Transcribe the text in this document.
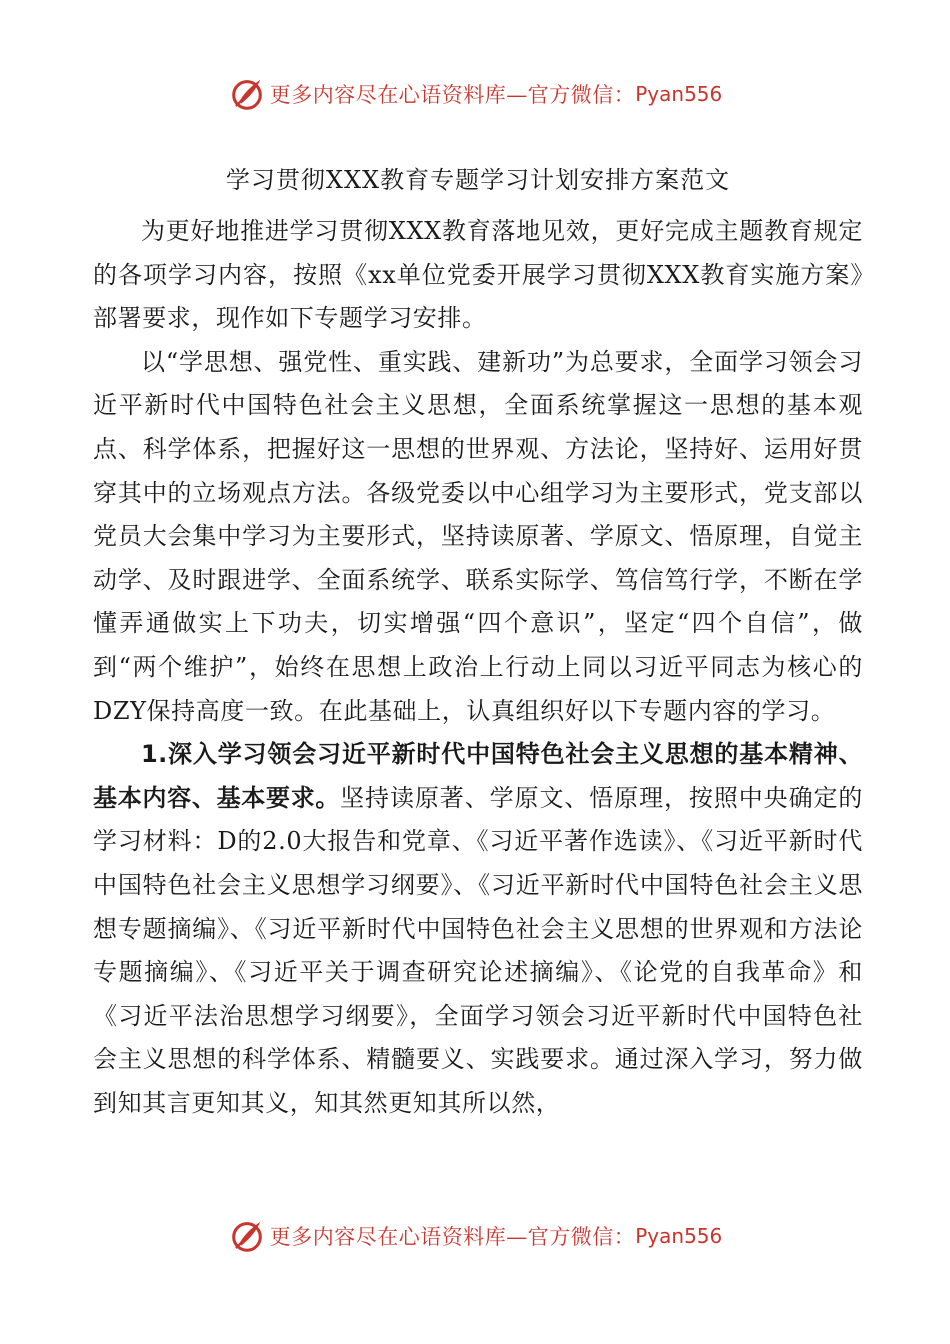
更多内容尽在心语资料库—官方微信： Pyan556
学习贯彻XXX教育专题学习计划安排方案范文

为更好地推进学习贯彻XXX教育落地见效，更好完成主题教育规定的各项学习内容，按照《xx单位党委开展学习贯彻XXX教育实施方案》部署要求，现作如下专题学习安排。

以“学思想、强党性、重实践、建新功”为总要求，全面学习领会习近平新时代中国特色社会主义思想，全面系统掌握这一思想的基本观点、科学体系，把握好这一思想的世界观、方法论，坚持好、运用好贯穿其中的立场观点方法。各级党委以中心组学习为主要形式，党支部以党员大会集中学习为主要形式，坚持读原著、学原文、悟原理，自觉主动学、及时跟进学、全面系统学、联系实际学、笃信笃行学，不断在学懂弄通做实上下功夫，切实增强“四个意识”，坚定“四个自信”，做到“两个维护”，始终在思想上政治上行动上同以习近平同志为核心的DZY保持高度一致。在此基础上，认真组织好以下专题内容的学习。

1.深入学习领会习近平新时代中国特色社会主义思想的基本精神、基本内容、基本要求。坚持读原著、学原文、悟原理，按照中央确定的学习材料：D的2.0大报告和党章、《习近平著作选读》、《习近平新时代中国特色社会主义思想学习纲要》、《习近平新时代中国特色社会主义思想专题摘编》、《习近平新时代中国特色社会主义思想的世界观和方法论专题摘编》、《习近平关于调查研究论述摘编》、《论党的自我革命》和《习近平法治思想学习纲要》，全面学习领会习近平新时代中国特色社会主义思想的科学体系、精髓要义、实践要求。通过深入学习，努力做到知其言更知其义，知其然更知其所以然，

更多内容尽在心语资料库—官方微信： Pyan556
